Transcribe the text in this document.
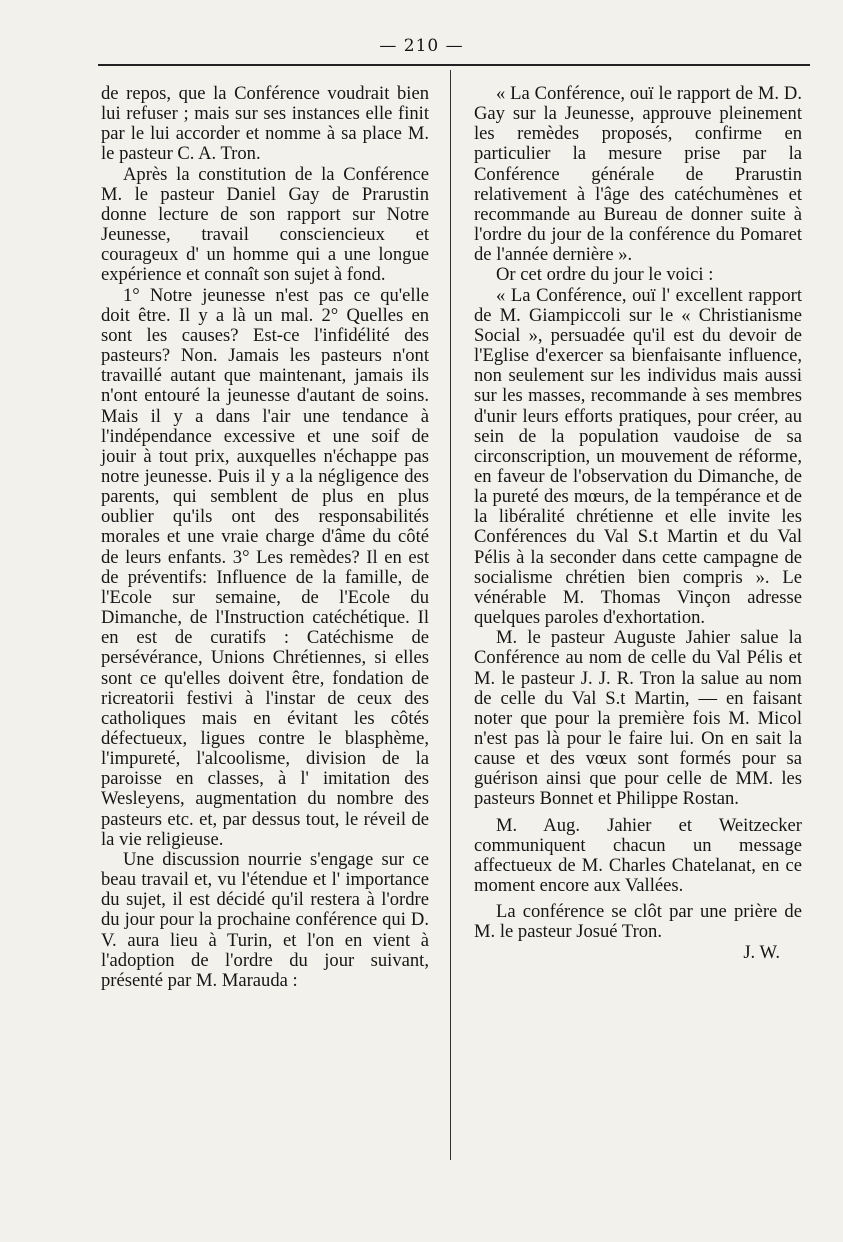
— 210 —

de repos, que la Conférence voudrait bien lui refuser ; mais sur ses instances elle finit par le lui accorder et nomme à sa place M. le pasteur C. A. Tron.

Après la constitution de la Conférence M. le pasteur Daniel Gay de Prarustin donne lecture de son rapport sur Notre Jeunesse, travail consciencieux et courageux d' un homme qui a une longue expérience et connaît son sujet à fond.

1° Notre jeunesse n'est pas ce qu'elle doit être. Il y a là un mal. 2° Quelles en sont les causes? Est-ce l'infidélité des pasteurs? Non. Jamais les pasteurs n'ont travaillé autant que maintenant, jamais ils n'ont entouré la jeunesse d'autant de soins. Mais il y a dans l'air une tendance à l'indépendance excessive et une soif de jouir à tout prix, auxquelles n'échappe pas notre jeunesse. Puis il y a la négligence des parents, qui semblent de plus en plus oublier qu'ils ont des responsabilités morales et une vraie charge d'âme du côté de leurs enfants. 3° Les remèdes? Il en est de préventifs: Influence de la famille, de l'Ecole sur semaine, de l'Ecole du Dimanche, de l'Instruction catéchétique. Il en est de curatifs : Catéchisme de persévérance, Unions Chrétiennes, si elles sont ce qu'elles doivent être, fondation de ricreatorii festivi à l'instar de ceux des catholiques mais en évitant les côtés défectueux, ligues contre le blasphème, l'impureté, l'alcoolisme, division de la paroisse en classes, à l' imitation des Wesleyens, augmentation du nombre des pasteurs etc. et, par dessus tout, le réveil de la vie religieuse.

Une discussion nourrie s'engage sur ce beau travail et, vu l'étendue et l' importance du sujet, il est décidé qu'il restera à l'ordre du jour pour la prochaine conférence qui D. V. aura lieu à Turin, et l'on en vient à l'adoption de l'ordre du jour suivant, présenté par M. Marauda :

« La Conférence, ouï le rapport de M. D. Gay sur la Jeunesse, approuve pleinement les remèdes proposés, confirme en particulier la mesure prise par la Conférence générale de Prarustin relativement à l'âge des catéchumènes et recommande au Bureau de donner suite à l'ordre du jour de la conférence du Pomaret de l'année dernière ».

Or cet ordre du jour le voici :

« La Conférence, ouï l' excellent rapport de M. Giampiccoli sur le « Christianisme Social », persuadée qu'il est du devoir de l'Eglise d'exercer sa bienfaisante influence, non seulement sur les individus mais aussi sur les masses, recommande à ses membres d'unir leurs efforts pratiques, pour créer, au sein de la population vaudoise de sa circonscription, un mouvement de réforme, en faveur de l'observation du Dimanche, de la pureté des mœurs, de la tempérance et de la libéralité chrétienne et elle invite les Conférences du Val S.t Martin et du Val Pélis à la seconder dans cette campagne de socialisme chrétien bien compris ». Le vénérable M. Thomas Vinçon adresse quelques paroles d'exhortation.

M. le pasteur Auguste Jahier salue la Conférence au nom de celle du Val Pélis et M. le pasteur J. J. R. Tron la salue au nom de celle du Val S.t Martin, — en faisant noter que pour la première fois M. Micol n'est pas là pour le faire lui. On en sait la cause et des vœux sont formés pour sa guérison ainsi que pour celle de MM. les pasteurs Bonnet et Philippe Rostan.

M. Aug. Jahier et Weitzecker communiquent chacun un message affectueux de M. Charles Chatelanat, en ce moment encore aux Vallées.

La conférence se clôt par une prière de M. le pasteur Josué Tron.

J. W.
